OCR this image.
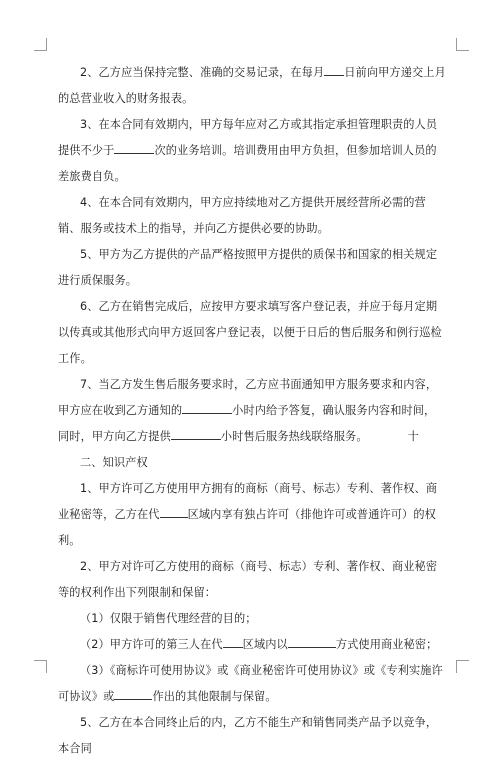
2、乙方应当保持完整、准确的交易记录，在每月 日前向甲方递交上月的总营业收入的财务报表。
3、在本合同有效期内，甲方每年应对乙方或其指定承担管理职责的人员提供不少于	次的业务培训。培训费用由甲方负担，但参加培训人员的差旅费自负。
4、在本合同有效期内，甲方应持续地对乙方提供开展经营所必需的营销、服务或技术上的指导，并向乙方提供必要的协助。
5、甲方为乙方提供的产品严格按照甲方提供的质保书和国家的相关规定进行质保服务。
6、乙方在销售完成后，应按甲方要求填写客户登记表，并应于每月定期以传真或其他形式向甲方返回客户登记表，以便于日后的售后服务和例行巡检工作。
7、当乙方发生售后服务要求时，乙方应书面通知甲方服务要求和内容，甲方应在收到乙方通知的	小时内给予答复，确认服务内容和时间，同时，甲方向乙方提供	小时售后服务热线联络服务。	十
二、知识产权
1、甲方许可乙方使用甲方拥有的商标（商号、标志）专利、著作权、商业秘密等，乙方在代	区域内享有独占许可（排他许可或普通许可）的权利。
2、甲方对许可乙方使用的商标（商号、标志）专利、著作权、商业秘密等的权利作出下列限制和保留：
（1）仅限于销售代理经营的目的；
（2）甲方许可的第三人在代 区域内以	方式使用商业秘密；
（3）《商标许可使用协议》或《商业秘密许可使用协议》或《专利实施许可协议》或	作出的其他限制与保留。
5、乙方在本合同终止后的内，乙方不能生产和销售同类产品予以竞争，本合同
